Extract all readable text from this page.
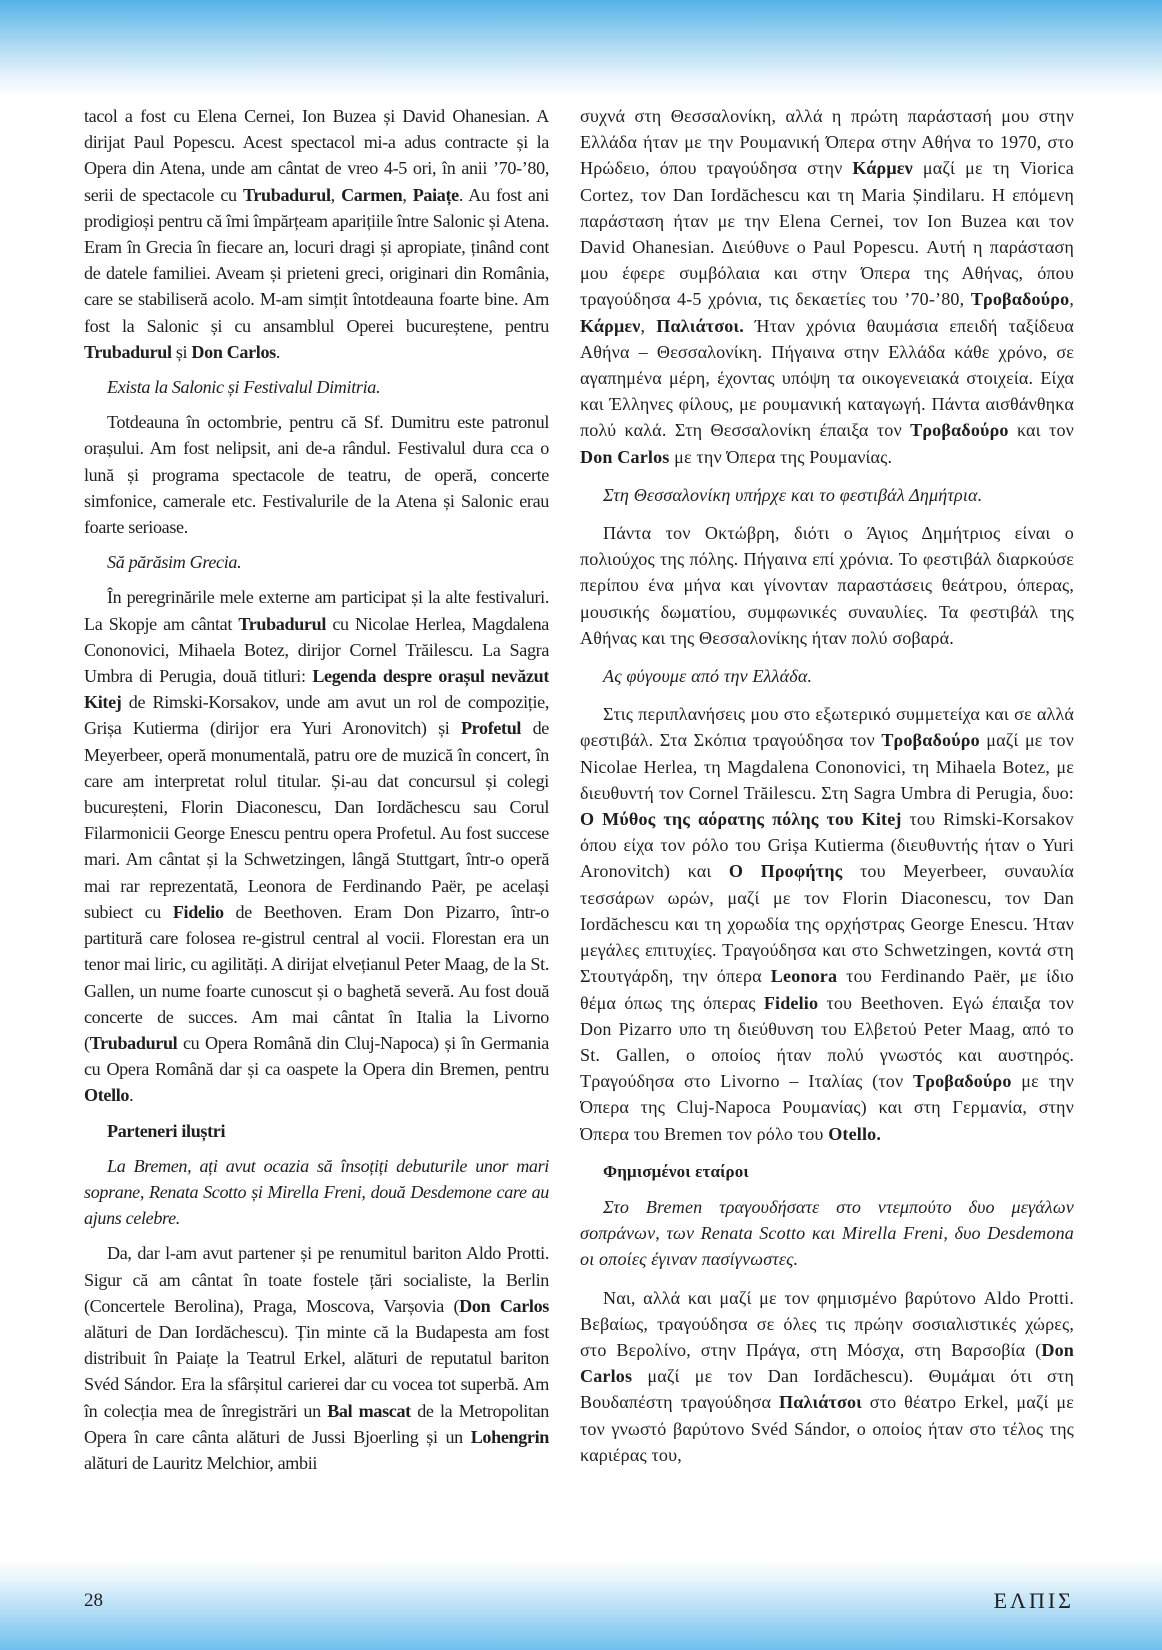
tacol a fost cu Elena Cernei, Ion Buzea și David Ohanesian. A dirijat Paul Popescu. Acest spectacol mi-a adus contracte și la Opera din Atena, unde am cântat de vreo 4-5 ori, în anii ’70-’80, serii de spectacole cu Trubadurul, Carmen, Paiațe. Au fost ani prodigioși pentru că îmi împărțeam aparițiile între Salonic și Atena. Eram în Grecia în fiecare an, locuri dragi și apropiate, ținând cont de datele familiei. Aveam și prieteni greci, originari din România, care se stabiliseră acolo. M-am simțit întotdeauna foarte bine. Am fost la Salonic și cu ansamblul Operei bucureștene, pentru Trubadurul și Don Carlos.

Exista la Salonic și Festivalul Dimitria.

Totdeauna în octombrie, pentru că Sf. Dumitru este patronul orașului. Am fost nelipsit, ani de-a rândul. Festivalul dura cca o lună și programa spectacole de teatru, de operă, concerte simfonice, camerale etc. Festivalurile de la Atena și Salonic erau foarte serioase.

Să părăsim Grecia.

În peregrinările mele externe am participat și la alte festivaluri. La Skopje am cântat Trubadurul cu Nicolae Herlea, Magdalena Cononovici, Mihaela Botez, dirijor Cornel Trăilescu. La Sagra Umbra di Perugia, două titluri: Legenda despre orașul nevăzut Kitej de Rimski-Korsakov, unde am avut un rol de compoziție, Grișa Kutierma (dirijor era Yuri Aronovitch) și Profetul de Meyerbeer, operă monumentală, patru ore de muzică în concert, în care am interpretat rolul titular. Și-au dat concursul și colegi bucureșteni, Florin Diaconescu, Dan Iordăchescu sau Corul Filarmonicii George Enescu pentru opera Profetul. Au fost succese mari. Am cântat și la Schwetzingen, lângă Stuttgart, într-o operă mai rar reprezentată, Leonora de Ferdinando Paër, pe același subiect cu Fidelio de Beethoven. Eram Don Pizarro, într-o partitură care folosea re-gistrul central al vocii. Florestan era un tenor mai liric, cu agilități. A dirijat elvețianul Peter Maag, de la St. Gallen, un nume foarte cunoscut și o baghetă severă. Au fost două concerte de succes. Am mai cântat în Italia la Livorno (Trubadurul cu Opera Română din Cluj-Napoca) și în Germania cu Opera Română dar și ca oaspete la Opera din Bremen, pentru Otello.

Parteneri iluștri

La Bremen, ați avut ocazia să însoțiți debuturile unor mari soprane, Renata Scotto și Mirella Freni, două Desdemone care au ajuns celebre.

Da, dar l-am avut partener și pe renumitul bariton Aldo Protti. Sigur că am cântat în toate fostele țări socialiste, la Berlin (Concertele Berolina), Praga, Moscova, Varșovia (Don Carlos alături de Dan Iordăchescu). Țin minte că la Budapesta am fost distribuit în Paiațe la Teatrul Erkel, alături de reputatul bariton Svéd Sándor. Era la sfârșitul carierei dar cu vocea tot superbă. Am în colecția mea de înregistrări un Bal mascat de la Metropolitan Opera în care cânta alături de Jussi Bjoerling și un Lohengrin alături de Lauritz Melchior, ambii

συχνά στη Θεσσαλονίκη, αλλά η πρώτη παράστασή μου στην Ελλάδα ήταν με την Ρουμανική Όπερα στην Αθήνα το 1970, στο Ηρώδειο, όπου τραγούδησα στην Κάρμεν μαζί με τη Viorica Cortez, τον Dan Iordăchescu και τη Maria Șindilaru. Η επόμενη παράσταση ήταν με την Elena Cernei, τον Ion Buzea και τον David Ohanesian. Διεύθυνε ο Paul Popescu. Αυτή η παράσταση μου έφερε συμβόλαια και στην Όπερα της Αθήνας, όπου τραγούδησα 4-5 χρόνια, τις δεκαετίες του ’70-’80, Τροβαδούρο, Κάρμεν, Παλιάτσοι. Ήταν χρόνια θαυμάσια επειδή ταξίδευα Αθήνα – Θεσσαλονίκη. Πήγαινα στην Ελλάδα κάθε χρόνο, σε αγαπημένα μέρη, έχοντας υπόψη τα οικογενειακά στοιχεία. Είχα και Έλληνες φίλους, με ρουμανική καταγωγή. Πάντα αισθάνθηκα πολύ καλά. Στη Θεσσαλονίκη έπαιξα τον Τροβαδούρο και τον Don Carlos με την Όπερα της Ρουμανίας.

Στη Θεσσαλονίκη υπήρχε και το φεστιβάλ Δημήτρια.

Πάντα τον Οκτώβρη, διότι ο Άγιος Δημήτριος είναι ο πολιούχος της πόλης. Πήγαινα επί χρόνια. Το φεστιβάλ διαρκούσε περίπου ένα μήνα και γίνονταν παραστάσεις θεάτρου, όπερας, μουσικής δωματίου, συμφωνικές συναυλίες. Τα φεστιβάλ της Αθήνας και της Θεσσαλονίκης ήταν πολύ σοβαρά.

Ας φύγουμε από την Ελλάδα.

Στις περιπλανήσεις μου στο εξωτερικό συμμετείχα και σε αλλά φεστιβάλ. Στα Σκόπια τραγούδησα τον Τροβαδούρο μαζί με τον Nicolae Herlea, τη Magdalena Cononovici, τη Mihaela Botez, με διευθυντή τον Cornel Trăilescu. Στη Sagra Umbra di Perugia, δυο: Ο Μύθος της αόρατης πόλης του Kitej του Rimski-Korsakov όπου είχα τον ρόλο του Grișa Kutierma (διευθυντής ήταν ο Yuri Aronovitch) και Ο Προφήτης του Meyerbeer, συναυλία τεσσάρων ωρών, μαζί με τον Florin Diaconescu, τον Dan Iordăchescu και τη χορωδία της ορχήστρας George Enescu. Ήταν μεγάλες επιτυχίες. Τραγούδησα και στο Schwetzingen, κοντά στη Στουτγάρδη, την όπερα Leonora του Ferdinando Paër, με ίδιο θέμα όπως της όπερας Fidelio του Beethoven. Εγώ έπαιξα τον Don Pizarro υπο τη διεύθυνση του Ελβετού Peter Maag, από το St. Gallen, ο οποίος ήταν πολύ γνωστός και αυστηρός. Τραγούδησα στο Livorno – Ιταλίας (τον Τροβαδούρο με την Όπερα της Cluj-Napoca Ρουμανίας) και στη Γερμανία, στην Όπερα του Bremen τον ρόλο του Otello.

Φημισμένοι εταίροι

Στο Bremen τραγουδήσατε στο ντεμπούτο δυο μεγάλων σοπράνων, των Renata Scotto και Mirella Freni, δυο Desdemona οι οποίες έγιναν πασίγνωστες.

Ναι, αλλά και μαζί με τον φημισμένο βαρύτονο Aldo Protti. Βεβαίως, τραγούδησα σε όλες τις πρώην σοσιαλιστικές χώρες, στο Βερολίνο, στην Πράγα, στη Μόσχα, στη Βαρσοβία (Don Carlos μαζί με τον Dan Iordăchescu). Θυμάμαι ότι στη Βουδαπέστη τραγούδησα Παλιάτσοι στο θέατρο Erkel, μαζί με τον γνωστό βαρύτονο Svéd Sándor, ο οποίος ήταν στο τέλος της καριέρας του,

28	ΕΛΠΙΣ
